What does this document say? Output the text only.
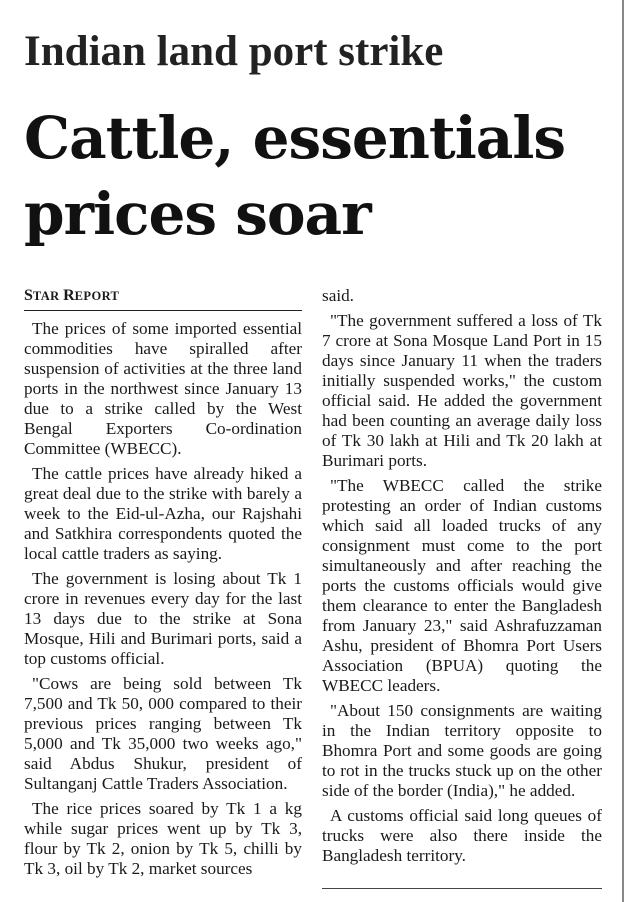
Indian land port strike
Cattle, essentials prices soar
STAR REPORT

The prices of some imported essential commodities have spiralled after suspension of activities at the three land ports in the northwest since January 13 due to a strike called by the West Bengal Exporters Co-ordination Committee (WBECC).

The cattle prices have already hiked a great deal due to the strike with barely a week to the Eid-ul-Azha, our Rajshahi and Satkhira correspondents quoted the local cattle traders as saying.

The government is losing about Tk 1 crore in revenues every day for the last 13 days due to the strike at Sona Mosque, Hili and Burimari ports, said a top customs official.

"Cows are being sold between Tk 7,500 and Tk 50, 000 compared to their previous prices ranging between Tk 5,000 and Tk 35,000 two weeks ago," said Abdus Shukur, president of Sultanganj Cattle Traders Association.

The rice prices soared by Tk 1 a kg while sugar prices went up by Tk 3, flour by Tk 2, onion by Tk 5, chilli by Tk 3, oil by Tk 2, market sources

said.

"The government suffered a loss of Tk 7 crore at Sona Mosque Land Port in 15 days since January 11 when the traders initially suspended works," the custom official said. He added the government had been counting an average daily loss of Tk 30 lakh at Hili and Tk 20 lakh at Burimari ports.

"The WBECC called the strike protesting an order of Indian customs which said all loaded trucks of any consignment must come to the port simultaneously and after reaching the ports the customs officials would give them clearance to enter the Bangladesh from January 23," said Ashrafuzzaman Ashu, president of Bhomra Port Users Association (BPUA) quoting the WBECC leaders.

"About 150 consignments are waiting in the Indian territory opposite to Bhomra Port and some goods are going to rot in the trucks stuck up on the other side of the border (India)," he added.

A customs official said long queues of trucks were also there inside the Bangladesh territory.
